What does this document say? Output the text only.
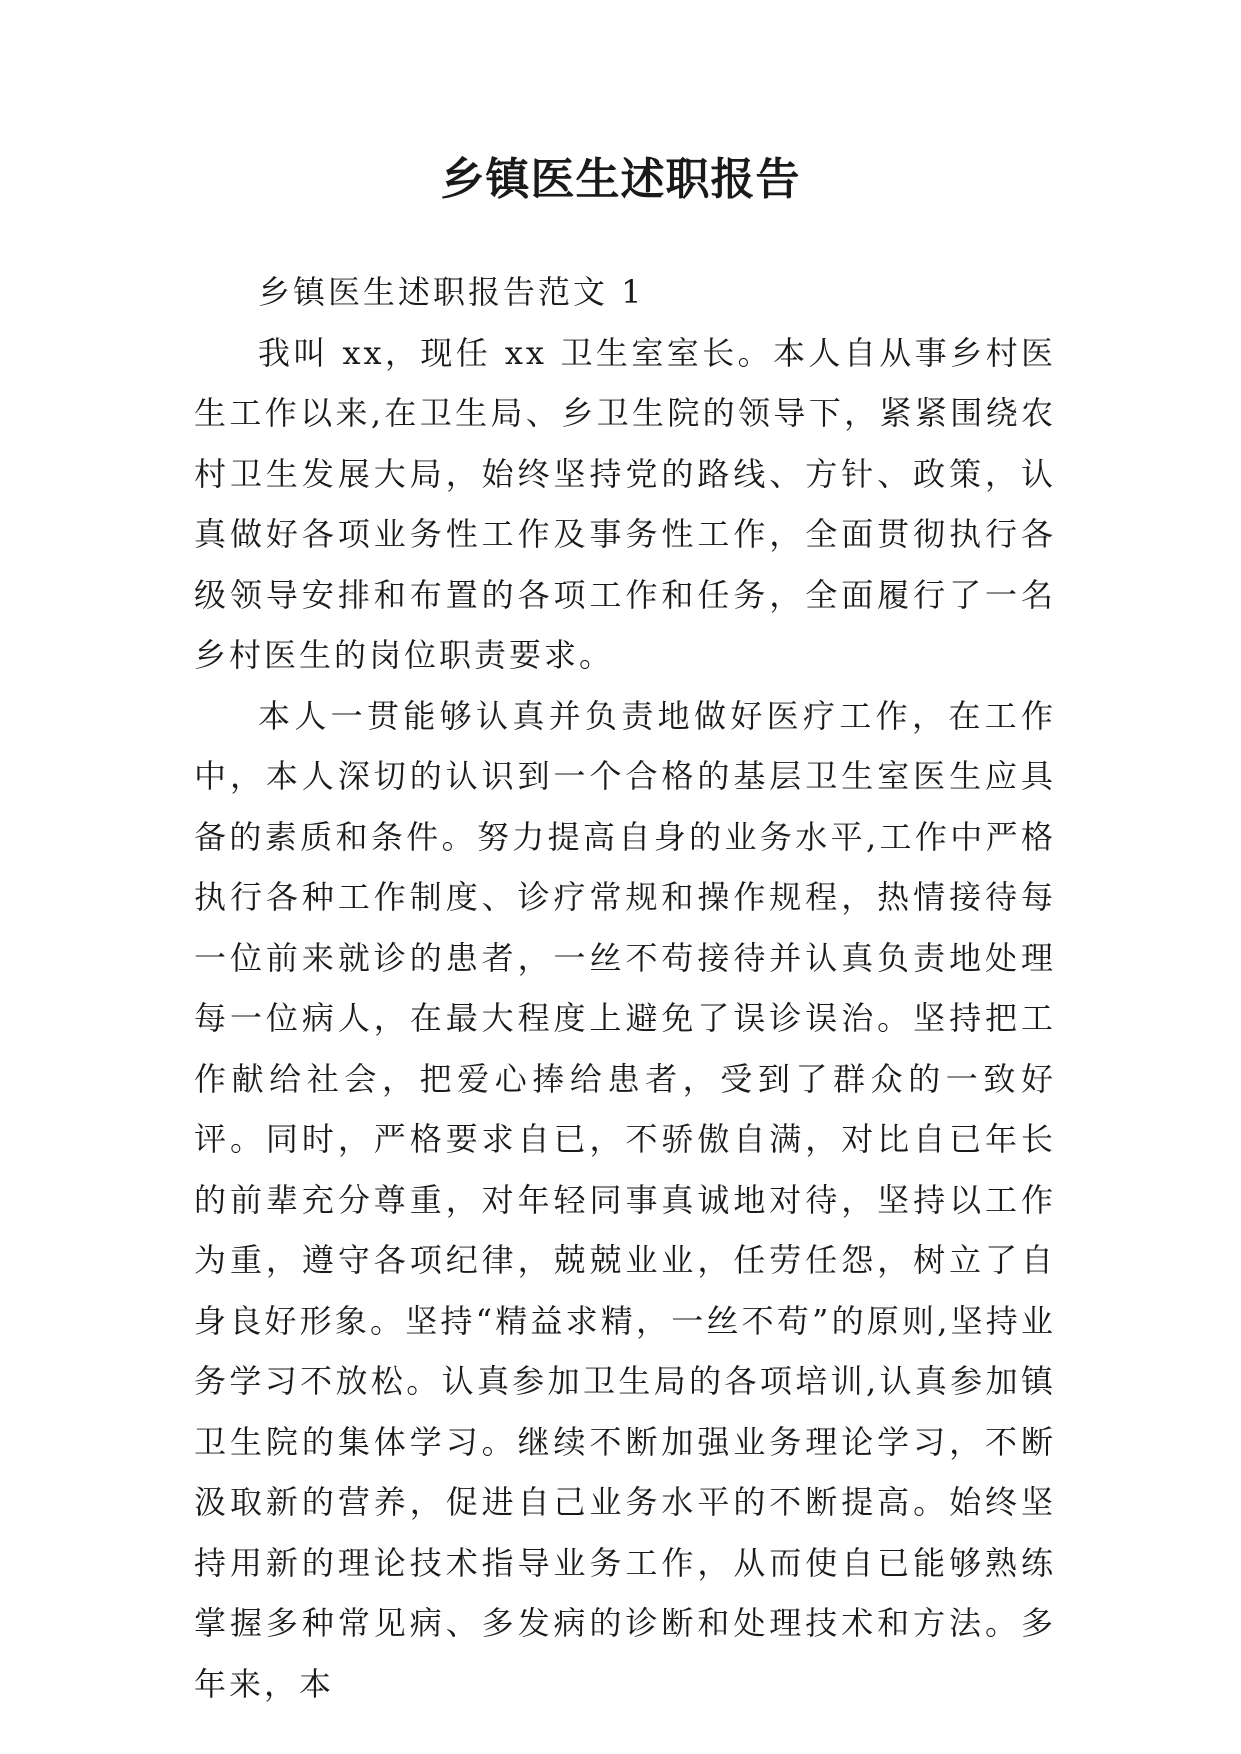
乡镇医生述职报告

乡镇医生述职报告范文 1

我叫 xx，现任 xx 卫生室室长。本人自从事乡村医生工作以来,在卫生局、乡卫生院的领导下，紧紧围绕农村卫生发展大局，始终坚持党的路线、方针、政策，认真做好各项业务性工作及事务性工作，全面贯彻执行各级领导安排和布置的各项工作和任务，全面履行了一名乡村医生的岗位职责要求。

本人一贯能够认真并负责地做好医疗工作，在工作中，本人深切的认识到一个合格的基层卫生室医生应具备的素质和条件。努力提高自身的业务水平,工作中严格执行各种工作制度、诊疗常规和操作规程，热情接待每一位前来就诊的患者，一丝不苟接待并认真负责地处理每一位病人，在最大程度上避免了误诊误治。坚持把工作献给社会，把爱心捧给患者，受到了群众的一致好评。同时，严格要求自已，不骄傲自满，对比自已年长的前辈充分尊重，对年轻同事真诚地对待，坚持以工作为重，遵守各项纪律，兢兢业业，任劳任怨，树立了自身良好形象。坚持“精益求精，一丝不苟”的原则,坚持业务学习不放松。认真参加卫生局的各项培训,认真参加镇卫生院的集体学习。继续不断加强业务理论学习，不断汲取新的营养，促进自己业务水平的不断提高。始终坚持用新的理论技术指导业务工作，从而使自已能够熟练掌握多种常见病、多发病的诊断和处理技术和方法。多年来，本
